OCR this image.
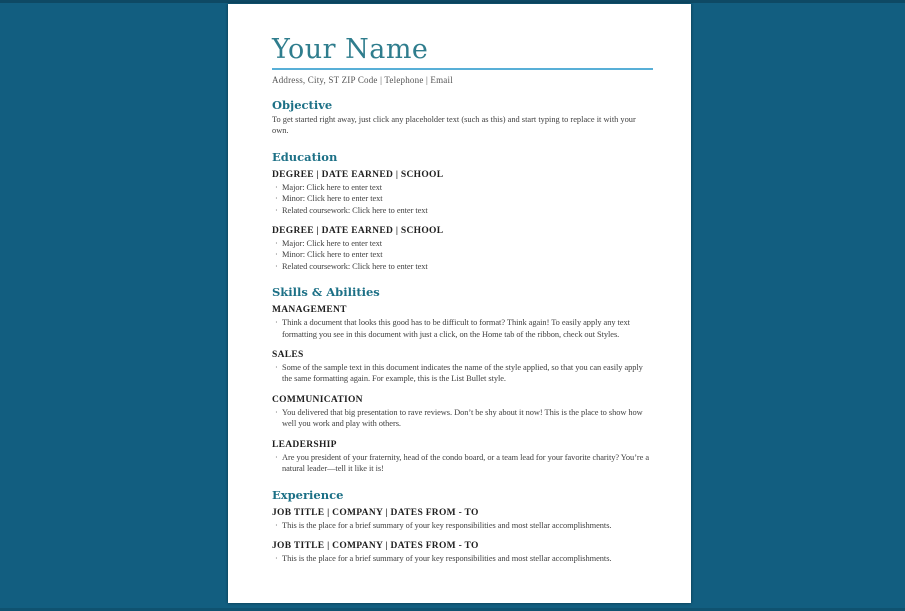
Your Name

Address, City, ST ZIP Code | Telephone | Email

Objective

To get started right away, just click any placeholder text (such as this) and start typing to replace it with your own.

Education
DEGREE | DATE EARNED | SCHOOL
· Major: Click here to enter text
· Minor: Click here to enter text
· Related coursework: Click here to enter text
DEGREE | DATE EARNED | SCHOOL
· Major: Click here to enter text
· Minor: Click here to enter text
· Related coursework: Click here to enter text
Skills & Abilities
MANAGEMENT
· Think a document that looks this good has to be difficult to format? Think again! To easily apply any text formatting you see in this document with just a click, on the Home tab of the ribbon, check out Styles.
SALES
· Some of the sample text in this document indicates the name of the style applied, so that you can easily apply the same formatting again. For example, this is the List Bullet style.
COMMUNICATION
· You delivered that big presentation to rave reviews. Don’t be shy about it now! This is the place to show how well you work and play with others.
LEADERSHIP
· Are you president of your fraternity, head of the condo board, or a team lead for your favorite charity? You’re a natural leader—tell it like it is!
Experience
JOB TITLE | COMPANY | DATES FROM - TO
· This is the place for a brief summary of your key responsibilities and most stellar accomplishments.
JOB TITLE | COMPANY | DATES FROM - TO
· This is the place for a brief summary of your key responsibilities and most stellar accomplishments.
